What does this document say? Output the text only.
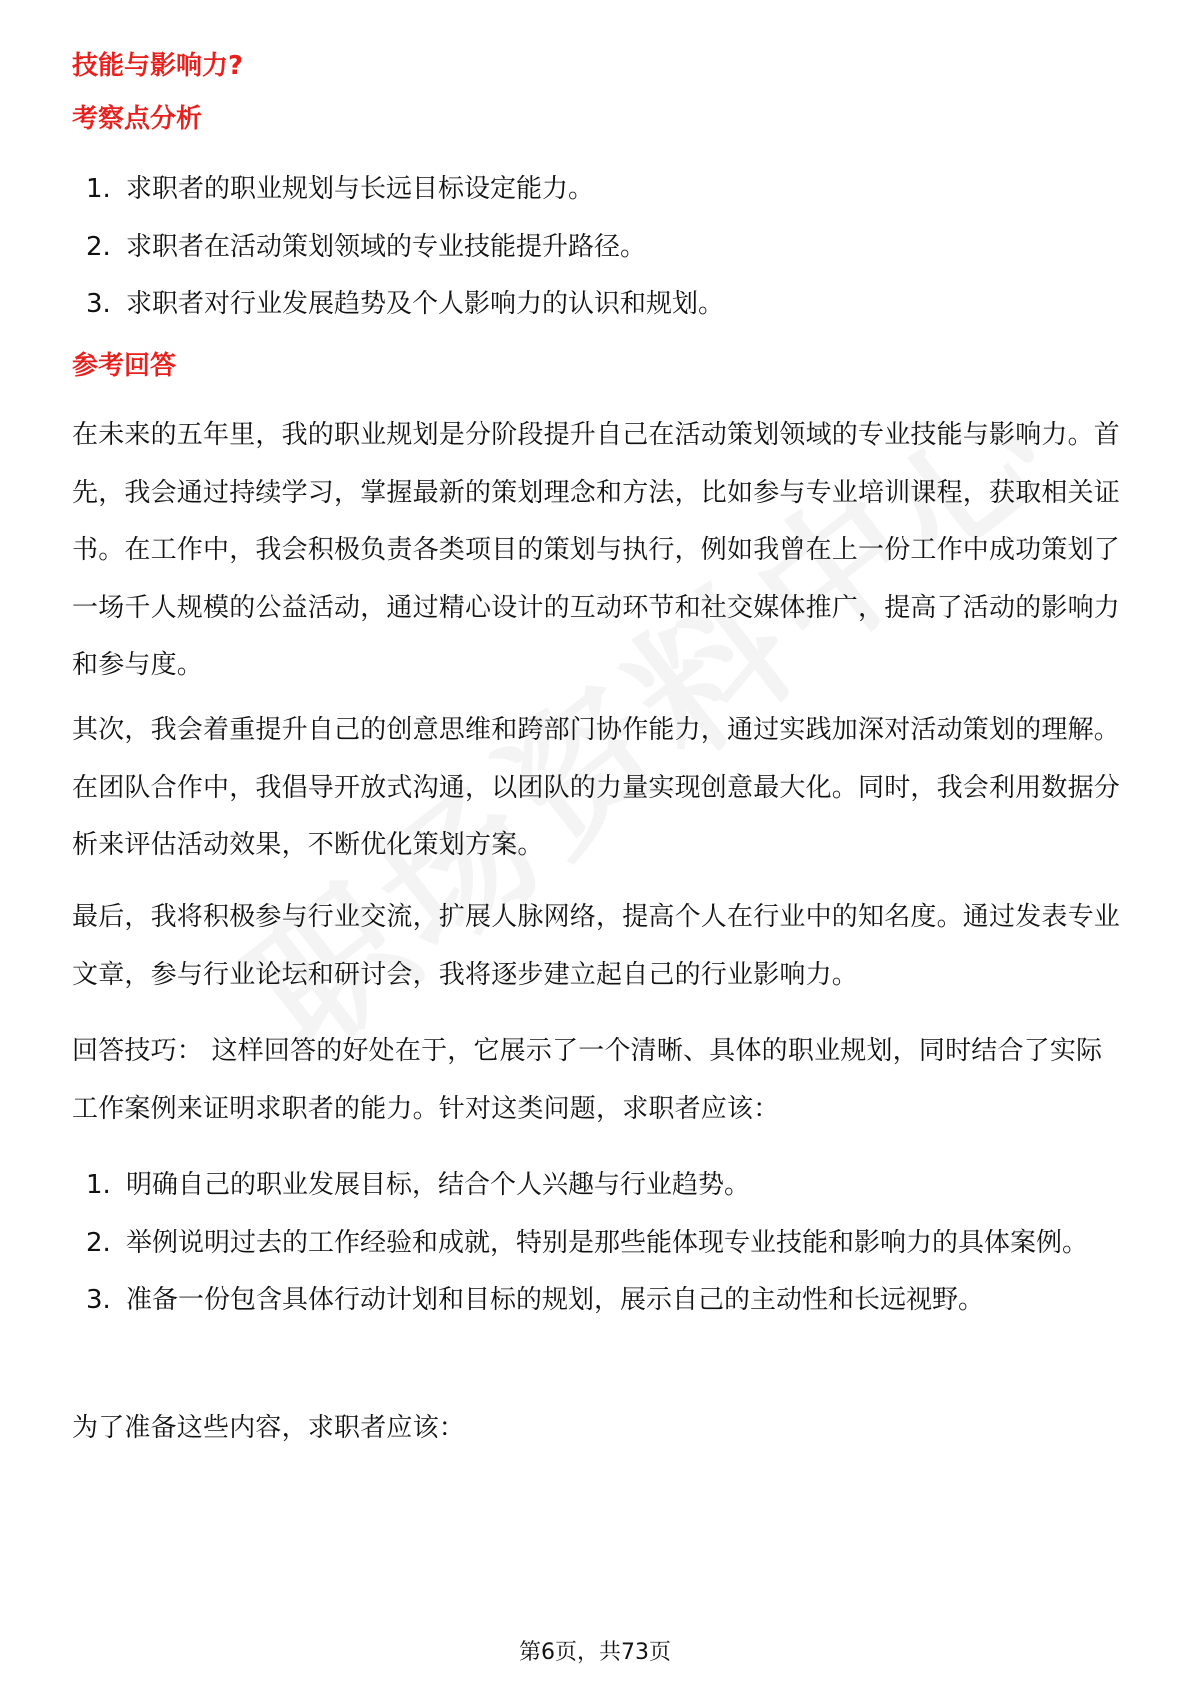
技能与影响力?
考察点分析
1. 求职者的职业规划与长远目标设定能力。
2. 求职者在活动策划领域的专业技能提升路径。
3. 求职者对行业发展趋势及个人影响力的认识和规划。
参考回答

在未来的五年里，我的职业规划是分阶段提升自己在活动策划领域的专业技能与影响力。首先，我会通过持续学习，掌握最新的策划理念和方法，比如参与专业培训课程，获取相关证书。在工作中，我会积极负责各类项目的策划与执行，例如我曾在上一份工作中成功策划了一场千人规模的公益活动，通过精心设计的互动环节和社交媒体推广，提高了活动的影响力和参与度。

其次，我会着重提升自己的创意思维和跨部门协作能力，通过实践加深对活动策划的理解。在团队合作中，我倡导开放式沟通，以团队的力量实现创意最大化。同时，我会利用数据分析来评估活动效果，不断优化策划方案。

最后，我将积极参与行业交流，扩展人脉网络，提高个人在行业中的知名度。通过发表专业文章，参与行业论坛和研讨会，我将逐步建立起自己的行业影响力。

回答技巧： 这样回答的好处在于，它展示了一个清晰、具体的职业规划，同时结合了实际工作案例来证明求职者的能力。针对这类问题，求职者应该：

1. 明确自己的职业发展目标，结合个人兴趣与行业趋势。
2. 举例说明过去的工作经验和成就，特别是那些能体现专业技能和影响力的具体案例。
3. 准备一份包含具体行动计划和目标的规划，展示自己的主动性和长远视野。

为了准备这些内容，求职者应该：

第6页，共73页
